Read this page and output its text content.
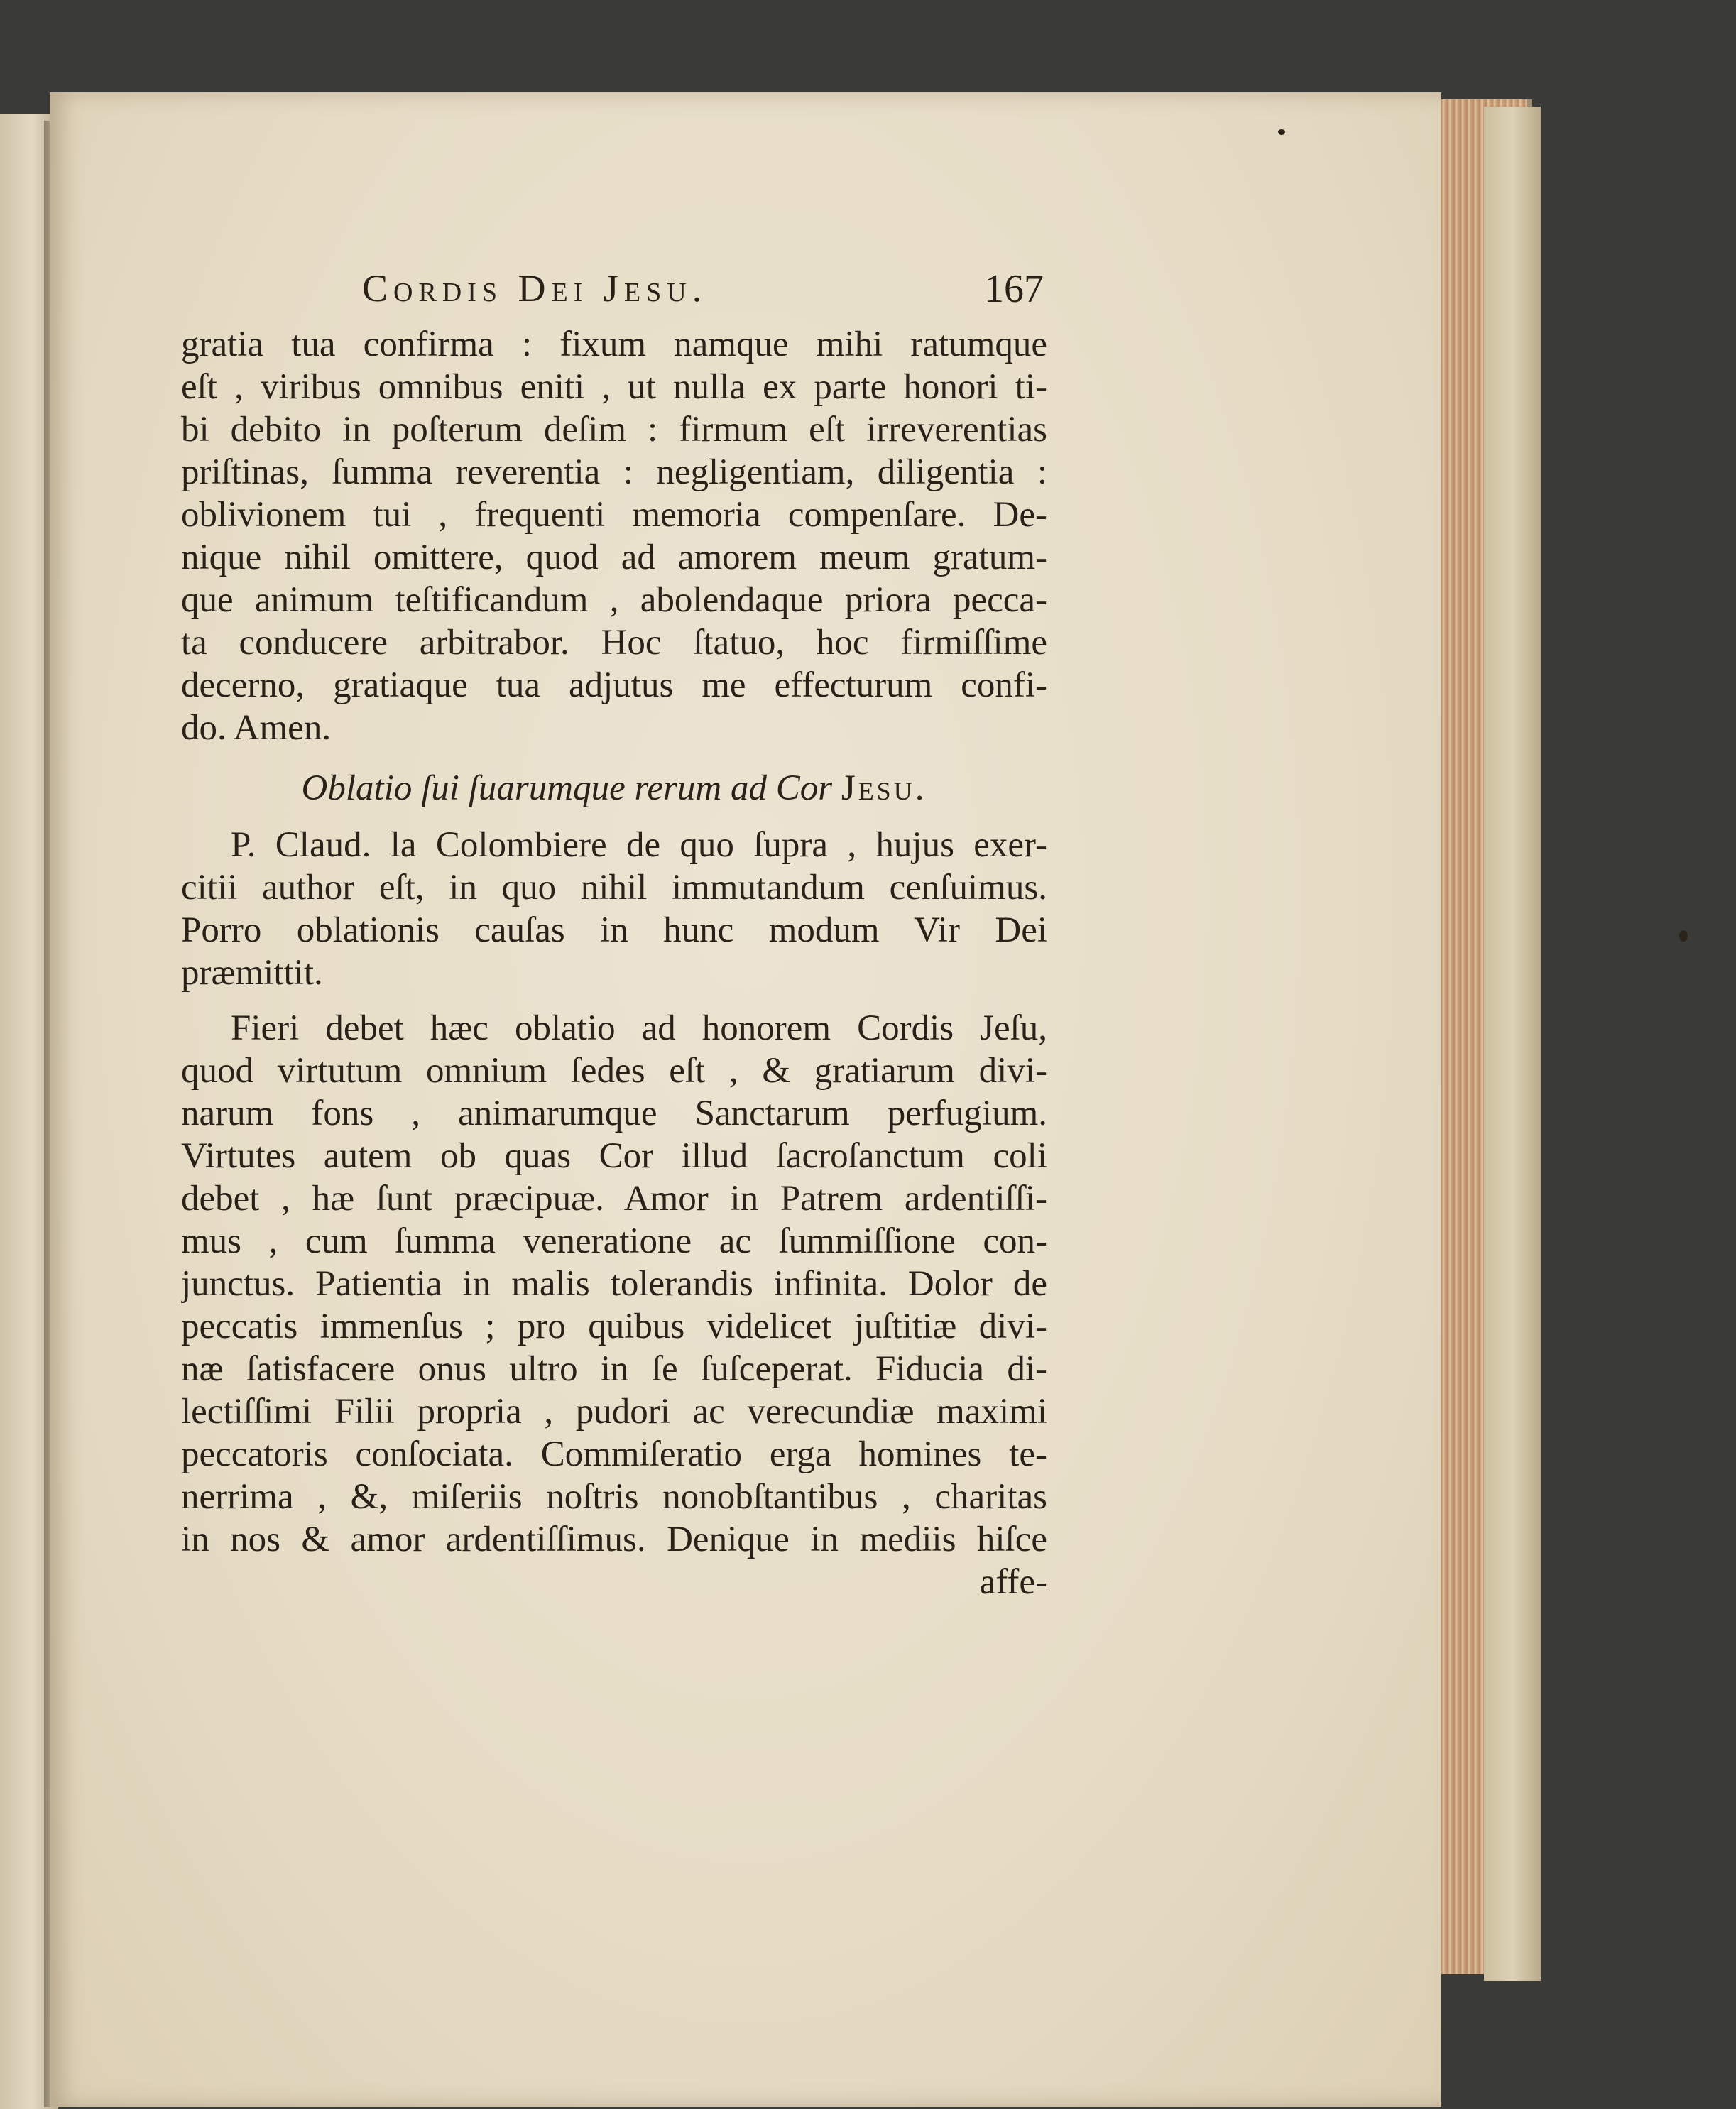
Cordis Dei Jesu.	167
gratia tua confirma : fixum namque mihi ratumque
eſt , viribus omnibus eniti , ut nulla ex parte honori ti-
bi debito in poſterum deſim : firmum eſt irreverentias
priſtinas, ſumma reverentia : negligentiam, diligentia :
oblivionem tui , frequenti memoria compenſare. De-
nique nihil omittere, quod ad amorem meum gratum-
que animum teſtificandum , abolendaque priora pecca-
ta conducere arbitrabor. Hoc ſtatuo, hoc firmiſſime
decerno, gratiaque tua adjutus me effecturum confi-
do. Amen.
Oblatio ſui ſuarumque rerum ad Cor Jesu.
P. Claud. la Colombiere de quo ſupra , hujus exer-
citii author eſt, in quo nihil immutandum cenſuimus.
Porro oblationis cauſas in hunc modum Vir Dei
præmittit.
Fieri debet hæc oblatio ad honorem Cordis Jeſu,
quod virtutum omnium ſedes eſt , & gratiarum divi-
narum fons , animarumque Sanctarum perfugium.
Virtutes autem ob quas Cor illud ſacroſanctum coli
debet , hæ ſunt præcipuæ. Amor in Patrem ardentiſſi-
mus , cum ſumma veneratione ac ſummiſſione con-
junctus. Patientia in malis tolerandis infinita. Dolor de
peccatis immenſus ; pro quibus videlicet juſtitiæ divi-
næ ſatisfacere onus ultro in ſe ſuſceperat. Fiducia di-
lectiſſimi Filii propria , pudori ac verecundiæ maximi
peccatoris conſociata. Commiſeratio erga homines te-
nerrima , &, miſeriis noſtris nonobſtantibus , charitas
in nos & amor ardentiſſimus. Denique in mediis hiſce
affe-
